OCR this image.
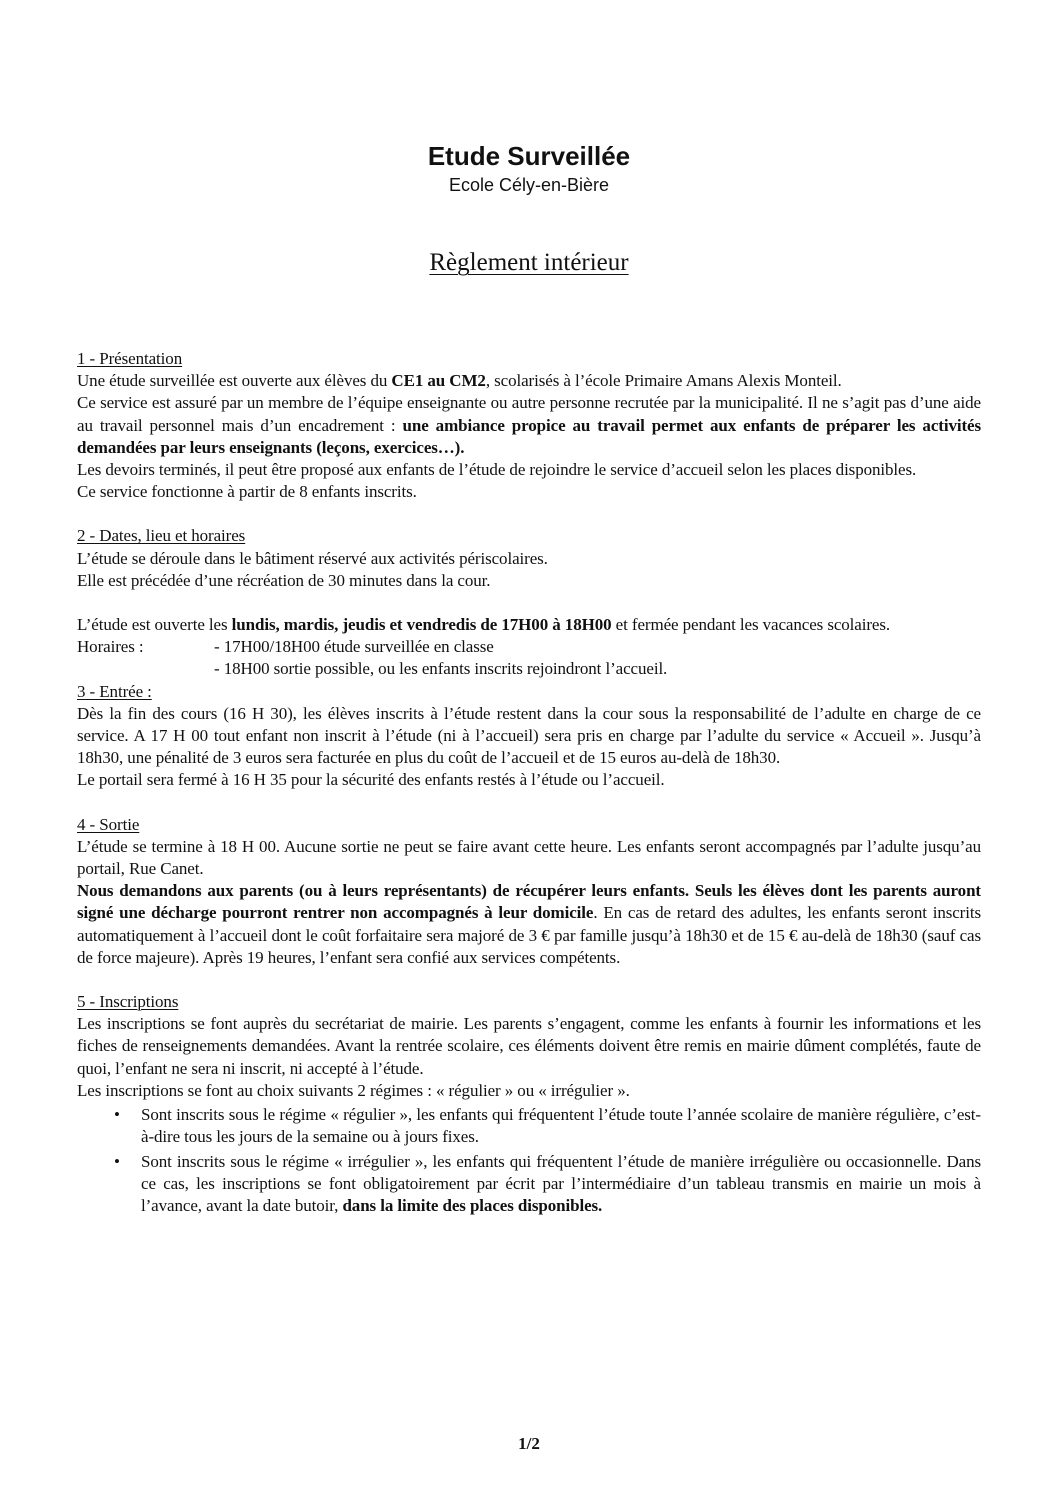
Etude Surveillée
Ecole Cély-en-Bière
Règlement intérieur

1 - Présentation

Une étude surveillée est ouverte aux élèves du CE1 au CM2, scolarisés à l’école Primaire Amans Alexis Monteil.

Ce service est assuré par un membre de l’équipe enseignante ou autre personne recrutée par la municipalité. Il ne s’agit pas d’une aide au travail personnel mais d’un encadrement : une ambiance propice au travail permet aux enfants de préparer les activités demandées par leurs enseignants (leçons, exercices…).

Les devoirs terminés, il peut être proposé aux enfants de l’étude de rejoindre le service d’accueil selon les places disponibles.

Ce service fonctionne à partir de 8 enfants inscrits.

2 - Dates, lieu et horaires

L’étude se déroule dans le bâtiment réservé aux activités périscolaires.

Elle est précédée d’une récréation de 30 minutes dans la cour.

L’étude est ouverte les lundis, mardis, jeudis et vendredis de 17H00 à 18H00 et fermée pendant les vacances scolaires.

Horaires :	- 17H00/18H00 étude surveillée en classe
- 18H00 sortie possible, ou les enfants inscrits rejoindront l’accueil.

3 - Entrée :

Dès la fin des cours (16 H 30), les élèves inscrits à l’étude restent dans la cour sous la responsabilité de l’adulte en charge de ce service. A 17 H 00 tout enfant non inscrit à l’étude (ni à l’accueil) sera pris en charge par l’adulte du service « Accueil ». Jusqu’à 18h30, une pénalité de 3 euros sera facturée en plus du coût de l’accueil et de 15 euros au-delà de 18h30.

Le portail sera fermé à 16 H 35 pour la sécurité des enfants restés à l’étude ou l’accueil.

4 - Sortie

L’étude se termine à 18 H 00. Aucune sortie ne peut se faire avant cette heure. Les enfants seront accompagnés par l’adulte jusqu’au portail, Rue Canet.

Nous demandons aux parents (ou à leurs représentants) de récupérer leurs enfants. Seuls les élèves dont les parents auront signé une décharge pourront rentrer non accompagnés à leur domicile. En cas de retard des adultes, les enfants seront inscrits automatiquement à l’accueil dont le coût forfaitaire sera majoré de 3 € par famille jusqu’à 18h30 et de 15 € au-delà de 18h30 (sauf cas de force majeure). Après 19 heures, l’enfant sera confié aux services compétents.

5 - Inscriptions

Les inscriptions se font auprès du secrétariat de mairie. Les parents s’engagent, comme les enfants à fournir les informations et les fiches de renseignements demandées. Avant la rentrée scolaire, ces éléments doivent être remis en mairie dûment complétés, faute de quoi, l’enfant ne sera ni inscrit, ni accepté à l’étude.

Les inscriptions se font au choix suivants 2 régimes : « régulier » ou « irrégulier ».

• Sont inscrits sous le régime « régulier », les enfants qui fréquentent l’étude toute l’année scolaire de manière régulière, c’est-à-dire tous les jours de la semaine ou à jours fixes.
• Sont inscrits sous le régime « irrégulier », les enfants qui fréquentent l’étude de manière irrégulière ou occasionnelle. Dans ce cas, les inscriptions se font obligatoirement par écrit par l’intermédiaire d’un tableau transmis en mairie un mois à l’avance, avant la date butoir, dans la limite des places disponibles.
1/2
